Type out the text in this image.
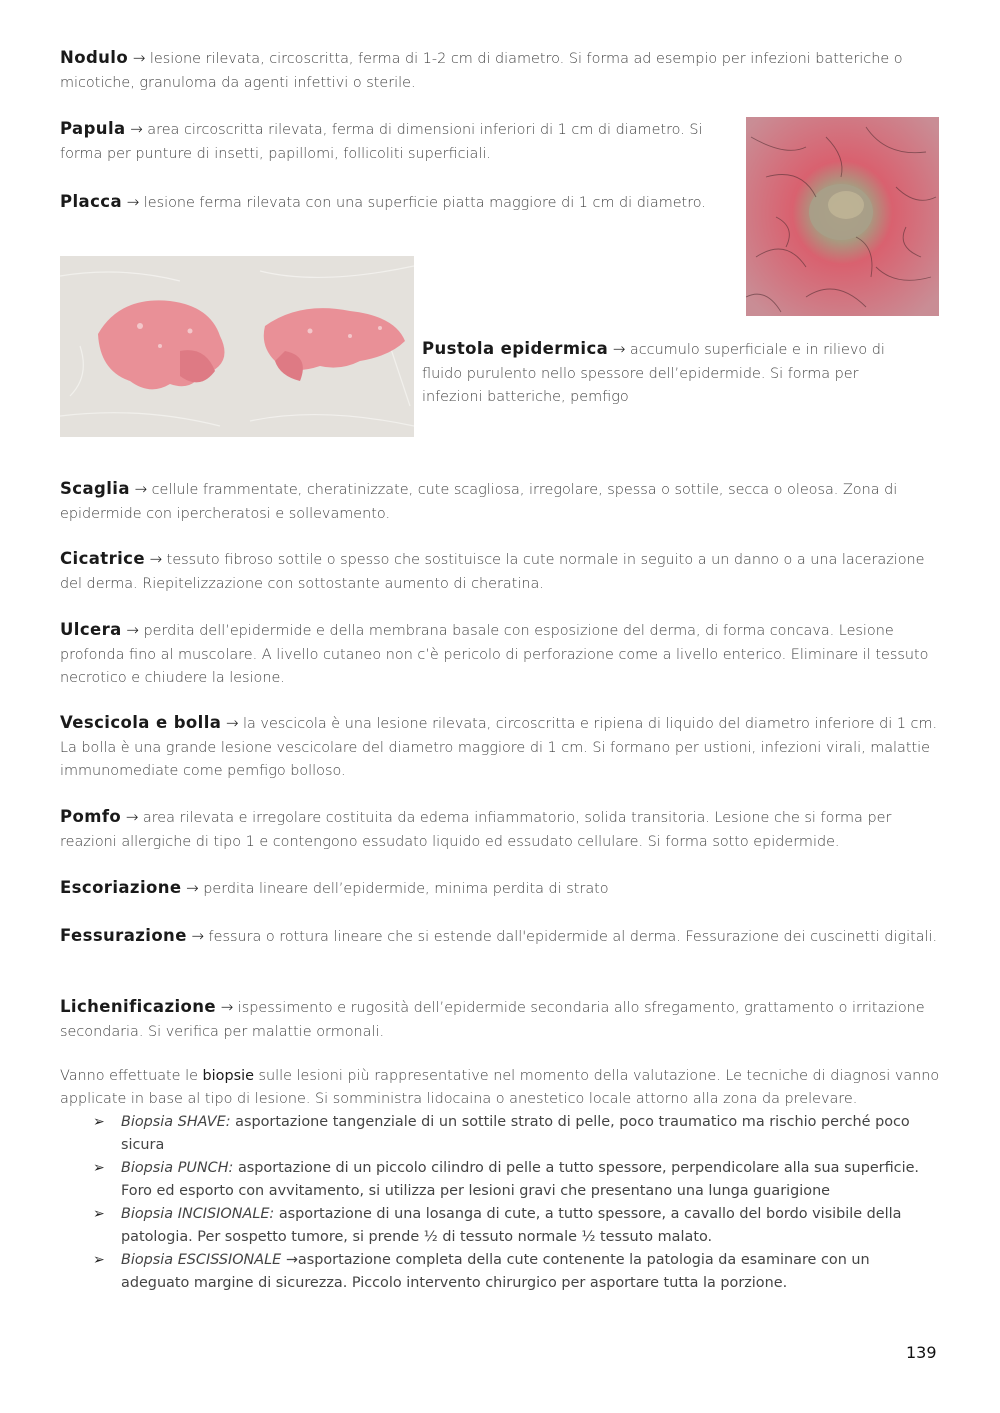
Nodulo → lesione rilevata, circoscritta, ferma di 1-2 cm di diametro. Si forma ad esempio per infezioni batteriche o micotiche, granuloma da agenti infettivi o sterile.

Papula → area circoscritta rilevata, ferma di dimensioni inferiori di 1 cm di diametro. Si forma per punture di insetti, papillomi, follicoliti superficiali.

Placca → lesione ferma rilevata con una superficie piatta maggiore di 1 cm di diametro.

Pustola epidermica → accumulo superficiale e in rilievo di fluido purulento nello spessore dell’epidermide. Si forma per infezioni batteriche, pemfigo

Scaglia → cellule frammentate, cheratinizzate, cute scagliosa, irregolare, spessa o sottile, secca o oleosa. Zona di epidermide con ipercheratosi e sollevamento.

Cicatrice → tessuto fibroso sottile o spesso che sostituisce la cute normale in seguito a un danno o a una lacerazione del derma. Riepitelizzazione con sottostante aumento di cheratina.

Ulcera → perdita dell’epidermide e della membrana basale con esposizione del derma, di forma concava. Lesione profonda fino al muscolare. A livello cutaneo non c’è pericolo di perforazione come a livello enterico. Eliminare il tessuto necrotico e chiudere la lesione.

Vescicola e bolla → la vescicola è una lesione rilevata, circoscritta e ripiena di liquido del diametro inferiore di 1 cm. La bolla è una grande lesione vescicolare del diametro maggiore di 1 cm. Si formano per ustioni, infezioni virali, malattie immunomediate come pemfigo bolloso.

Pomfo → area rilevata e irregolare costituita da edema infiammatorio, solida transitoria. Lesione che si forma per reazioni allergiche di tipo 1 e contengono essudato liquido ed essudato cellulare. Si forma sotto epidermide.

Escoriazione → perdita lineare dell’epidermide, minima perdita di strato

Fessurazione → fessura o rottura lineare che si estende dall'epidermide al derma. Fessurazione dei cuscinetti digitali.

Lichenificazione → ispessimento e rugosità dell’epidermide secondaria allo sfregamento, grattamento o irritazione secondaria. Si verifica per malattie ormonali.

Vanno effettuate le biopsie sulle lesioni più rappresentative nel momento della valutazione. Le tecniche di diagnosi vanno applicate in base al tipo di lesione. Si somministra lidocaina o anestetico locale attorno alla zona da prelevare.

➢ Biopsia SHAVE: asportazione tangenziale di un sottile strato di pelle, poco traumatico ma rischio perché poco sicura
➢ Biopsia PUNCH: asportazione di un piccolo cilindro di pelle a tutto spessore, perpendicolare alla sua superficie. Foro ed esporto con avvitamento, si utilizza per lesioni gravi che presentano una lunga guarigione
➢ Biopsia INCISIONALE: asportazione di una losanga di cute, a tutto spessore, a cavallo del bordo visibile della patologia. Per sospetto tumore, si prende ½ di tessuto normale ½ tessuto malato.
➢ Biopsia ESCISSIONALE →asportazione completa della cute contenente la patologia da esaminare con un adeguato margine di sicurezza. Piccolo intervento chirurgico per asportare tutta la porzione.
139
